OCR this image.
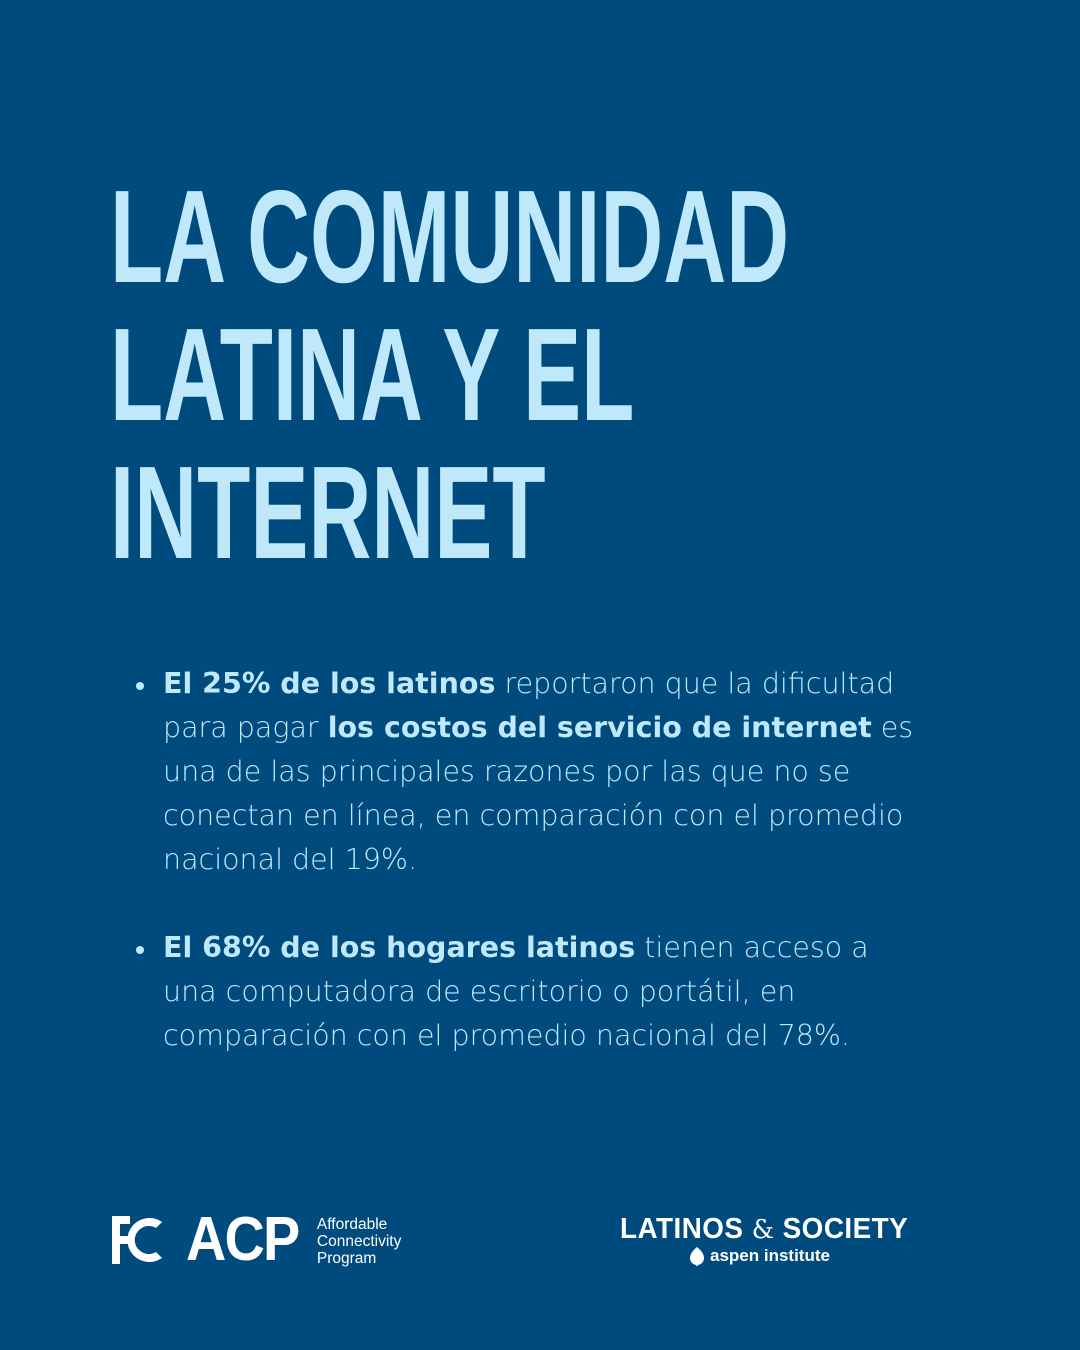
LA COMUNIDAD
LATINA Y EL
INTERNET
El 25% de los latinos reportaron que la dificultad para pagar los costos del servicio de internet es una de las principales razones por las que no se conectan en línea, en comparación con el promedio nacional del 19%.
El 68% de los hogares latinos tienen acceso a una computadora de escritorio o portátil, en comparación con el promedio nacional del 78%.
ACP Affordable
Connectivity
Program
LATINOS & SOCIETY
aspen institute
